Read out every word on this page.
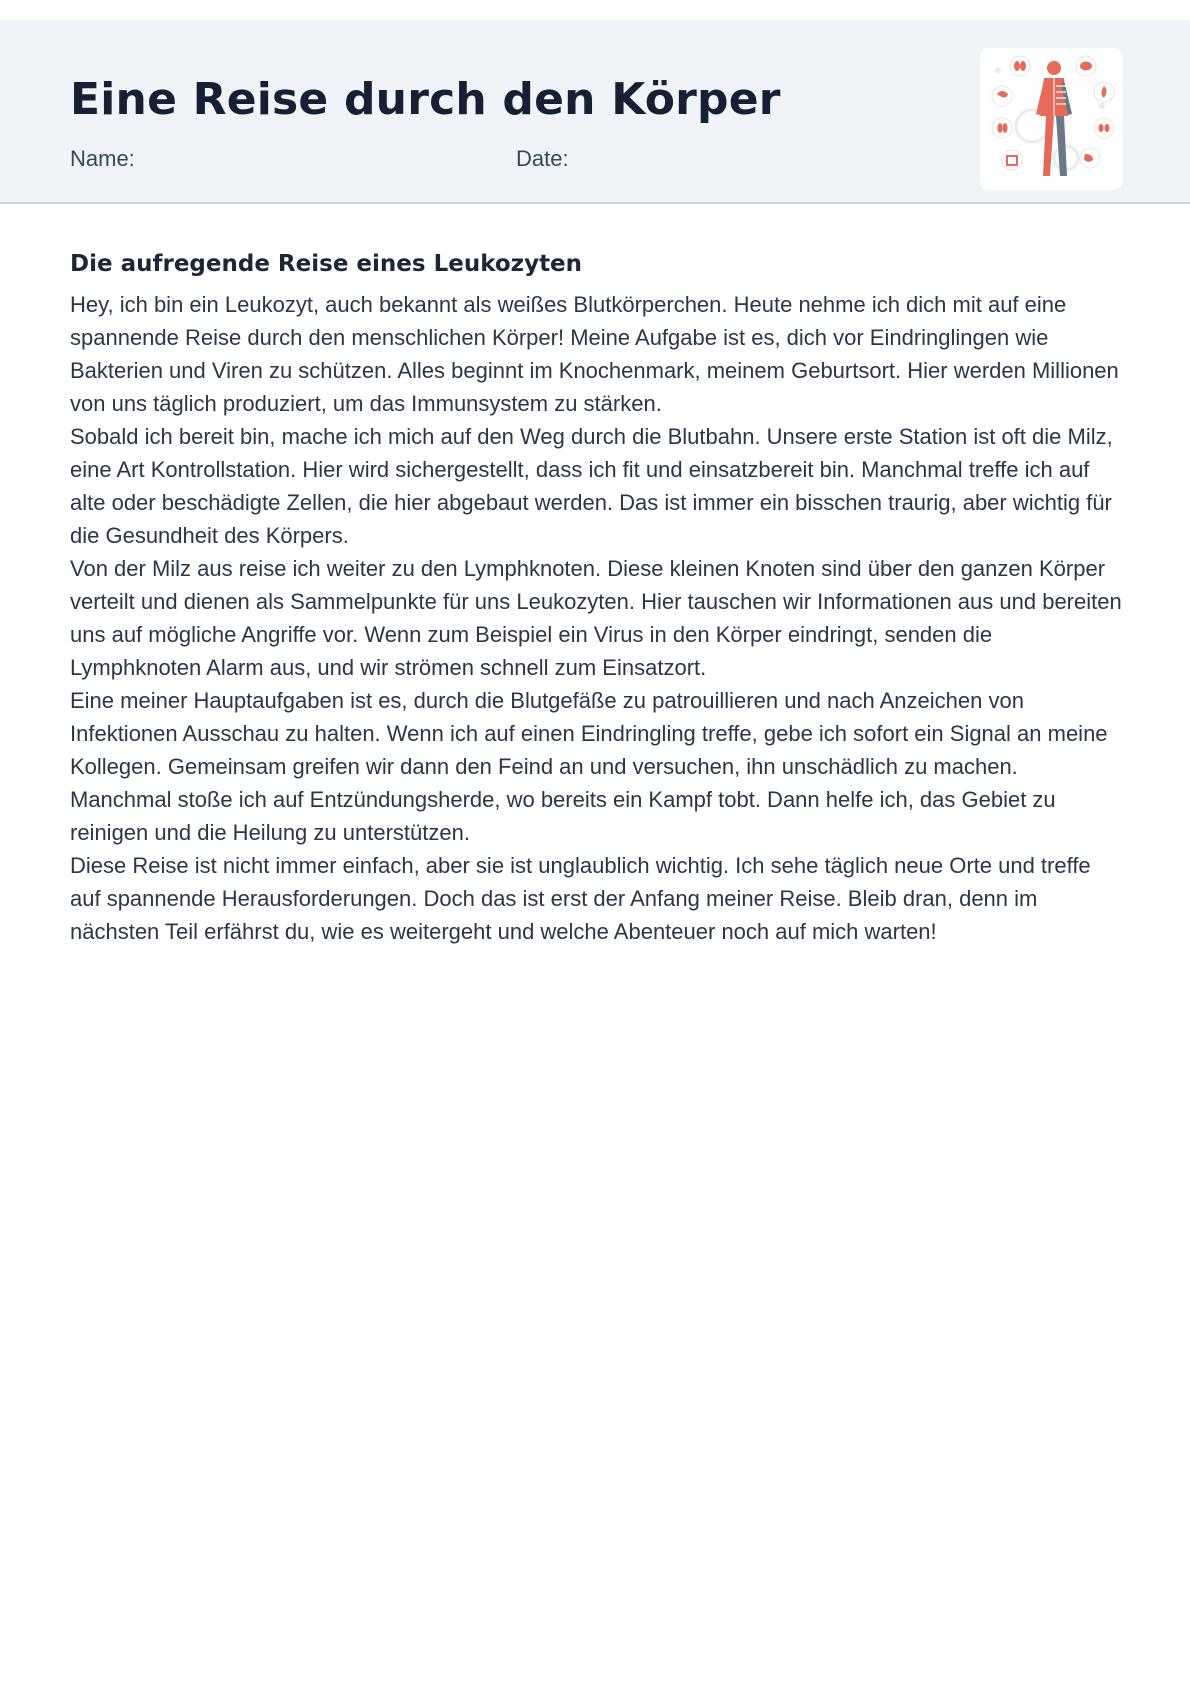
Eine Reise durch den Körper
Name:	Date:
Die aufregende Reise eines Leukozyten

Hey, ich bin ein Leukozyt, auch bekannt als weißes Blutkörperchen. Heute nehme ich dich mit auf eine spannende Reise durch den menschlichen Körper! Meine Aufgabe ist es, dich vor Eindringlingen wie Bakterien und Viren zu schützen. Alles beginnt im Knochenmark, meinem Geburtsort. Hier werden Millionen von uns täglich produziert, um das Immunsystem zu stärken.

Sobald ich bereit bin, mache ich mich auf den Weg durch die Blutbahn. Unsere erste Station ist oft die Milz, eine Art Kontrollstation. Hier wird sichergestellt, dass ich fit und einsatzbereit bin. Manchmal treffe ich auf alte oder beschädigte Zellen, die hier abgebaut werden. Das ist immer ein bisschen traurig, aber wichtig für die Gesundheit des Körpers.

Von der Milz aus reise ich weiter zu den Lymphknoten. Diese kleinen Knoten sind über den ganzen Körper verteilt und dienen als Sammelpunkte für uns Leukozyten. Hier tauschen wir Informationen aus und bereiten uns auf mögliche Angriffe vor. Wenn zum Beispiel ein Virus in den Körper eindringt, senden die Lymphknoten Alarm aus, und wir strömen schnell zum Einsatzort.

Eine meiner Hauptaufgaben ist es, durch die Blutgefäße zu patrouillieren und nach Anzeichen von Infektionen Ausschau zu halten. Wenn ich auf einen Eindringling treffe, gebe ich sofort ein Signal an meine Kollegen. Gemeinsam greifen wir dann den Feind an und versuchen, ihn unschädlich zu machen. Manchmal stoße ich auf Entzündungsherde, wo bereits ein Kampf tobt. Dann helfe ich, das Gebiet zu reinigen und die Heilung zu unterstützen.

Diese Reise ist nicht immer einfach, aber sie ist unglaublich wichtig. Ich sehe täglich neue Orte und treffe auf spannende Herausforderungen. Doch das ist erst der Anfang meiner Reise. Bleib dran, denn im nächsten Teil erfährst du, wie es weitergeht und welche Abenteuer noch auf mich warten!
